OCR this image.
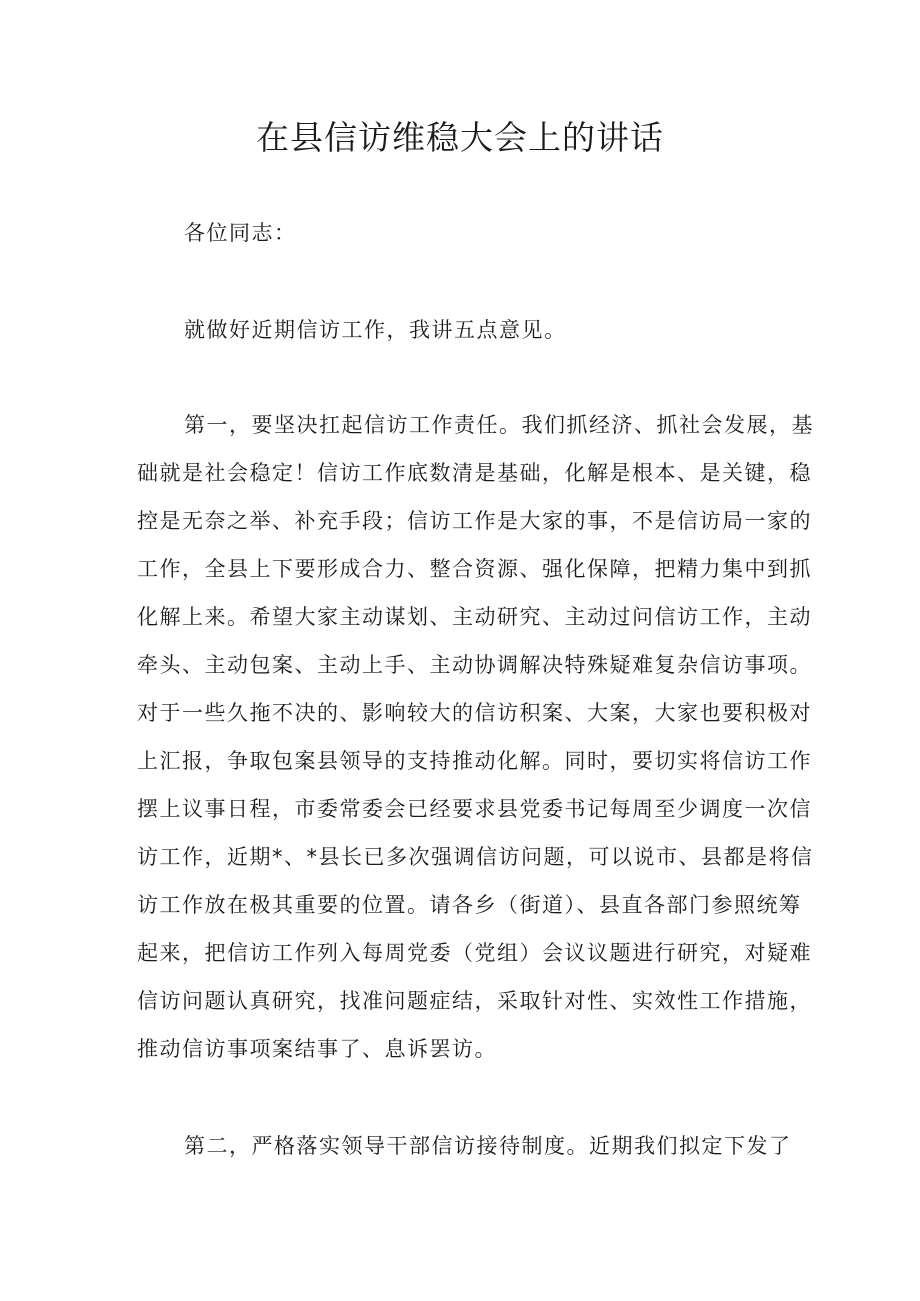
在县信访维稳大会上的讲话

各位同志：

就做好近期信访工作，我讲五点意见。

第一，要坚决扛起信访工作责任。我们抓经济、抓社会发展，基
础就是社会稳定！信访工作底数清是基础，化解是根本、是关键，稳
控是无奈之举、补充手段；信访工作是大家的事，不是信访局一家的
工作，全县上下要形成合力、整合资源、强化保障，把精力集中到抓
化解上来。希望大家主动谋划、主动研究、主动过问信访工作，主动
牵头、主动包案、主动上手、主动协调解决特殊疑难复杂信访事项。
对于一些久拖不决的、影响较大的信访积案、大案，大家也要积极对
上汇报，争取包案县领导的支持推动化解。同时，要切实将信访工作
摆上议事日程，市委常委会已经要求县党委书记每周至少调度一次信
访工作，近期*、*县长已多次强调信访问题，可以说市、县都是将信
访工作放在极其重要的位置。请各乡（街道）、县直各部门参照统筹
起来，把信访工作列入每周党委（党组）会议议题进行研究，对疑难
信访问题认真研究，找准问题症结，采取针对性、实效性工作措施，
推动信访事项案结事了、息诉罢访。

第二，严格落实领导干部信访接待制度。近期我们拟定下发了
